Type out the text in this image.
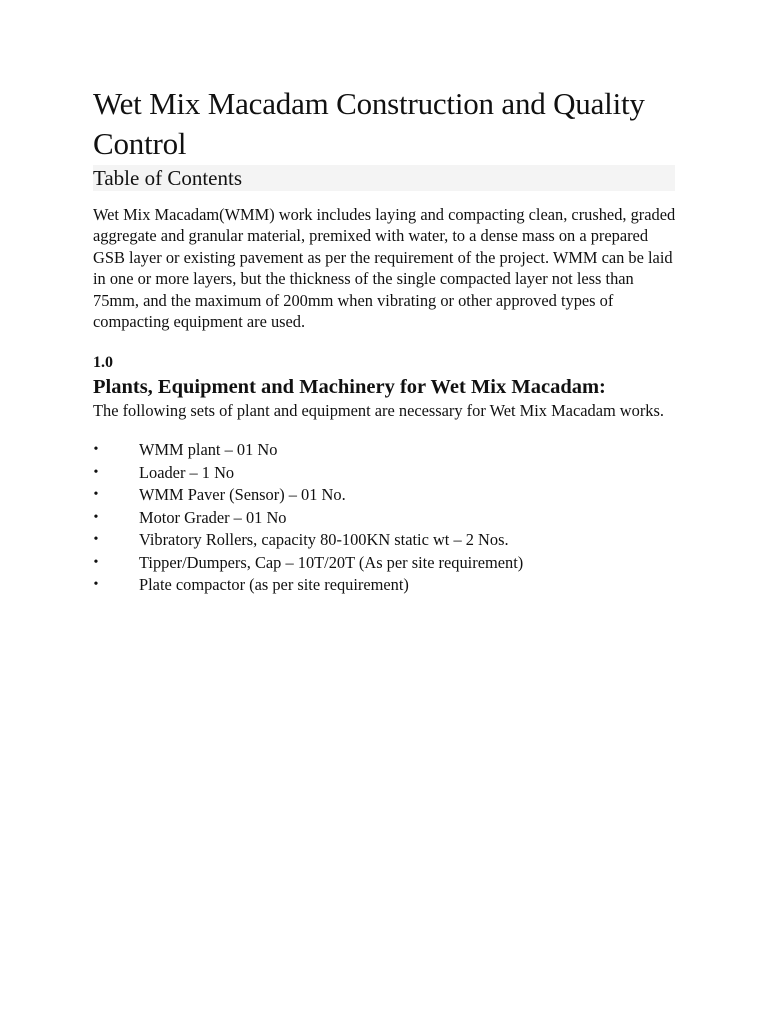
Wet Mix Macadam Construction and Quality Control
Table of Contents

Wet Mix Macadam(WMM) work includes laying and compacting clean, crushed, graded aggregate and granular material, premixed with water, to a dense mass on a prepared GSB layer or existing pavement as per the requirement of the project. WMM can be laid in one or more layers, but the thickness of the single compacted layer not less than 75mm, and the maximum of 200mm when vibrating or other approved types of compacting equipment are used.

1.0
Plants, Equipment and Machinery for Wet Mix Macadam:

The following sets of plant and equipment are necessary for Wet Mix Macadam works.

• WMM plant – 01 No
• Loader – 1 No
• WMM Paver (Sensor) – 01 No.
• Motor Grader – 01 No
• Vibratory Rollers, capacity 80-100KN static wt – 2 Nos.
• Tipper/Dumpers, Cap – 10T/20T (As per site requirement)
• Plate compactor (as per site requirement)
